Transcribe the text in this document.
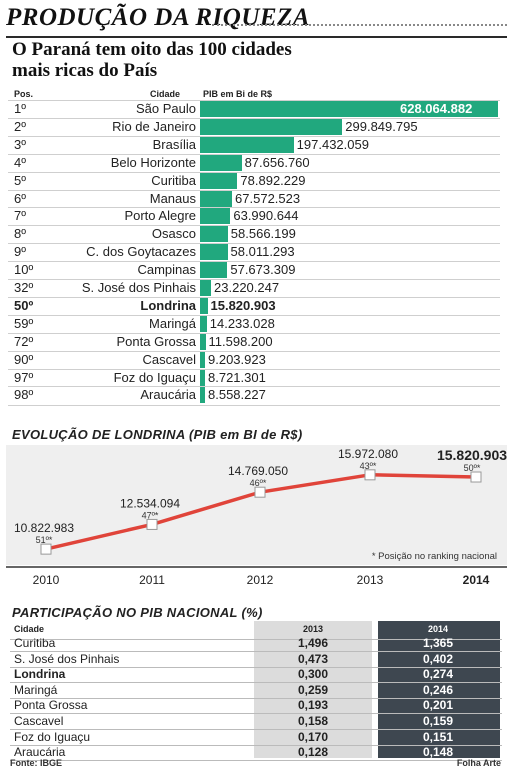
PRODUÇÃO DA RIQUEZA
O Paraná tem oito das 100 cidades
mais ricas do País
Pos.	Cidade	PIB em Bi de R$
EVOLUÇÃO DE LONDRINA (PIB em BI de R$)
10.822.983
51º*
2010
12.534.094
47º*
2011
14.769.050
46º*
2012
15.972.080
43º*
2013
15.820.903
50º*
2014
* Posição no ranking nacional
PARTICIPAÇÃO NO PIB NACIONAL (%)
Cidade	2013	2014
Curitiba	1,496	1,365
S. José dos Pinhais	0,473	0,402
Londrina	0,300	0,274
Maringá	0,259	0,246
Ponta Grossa	0,193	0,201
Cascavel	0,158	0,159
Foz do Iguaçu	0,170	0,151
Araucária	0,128	0,148
Fonte: IBGE	Folha Arte
1º	São Paulo	628.064.882
2º	Rio de Janeiro	299.849.795
3º	Brasília	197.432.059
4º	Belo Horizonte	87.656.760
5º	Curitiba	78.892.229
6º	Manaus	67.572.523
7º	Porto Alegre	63.990.644
8º	Osasco	58.566.199
9º	C. dos Goytacazes	58.011.293
10º	Campinas	57.673.309
32º	S. José dos Pinhais 23.220.247
50º	Londrina 15.820.903
59º	Maringá 14.233.028
72º	Ponta Grossa 11.598.200
90º	Cascavel 9.203.923
97º	Foz do Iguaçu 8.721.301
98º	Araucária 8.558.227
